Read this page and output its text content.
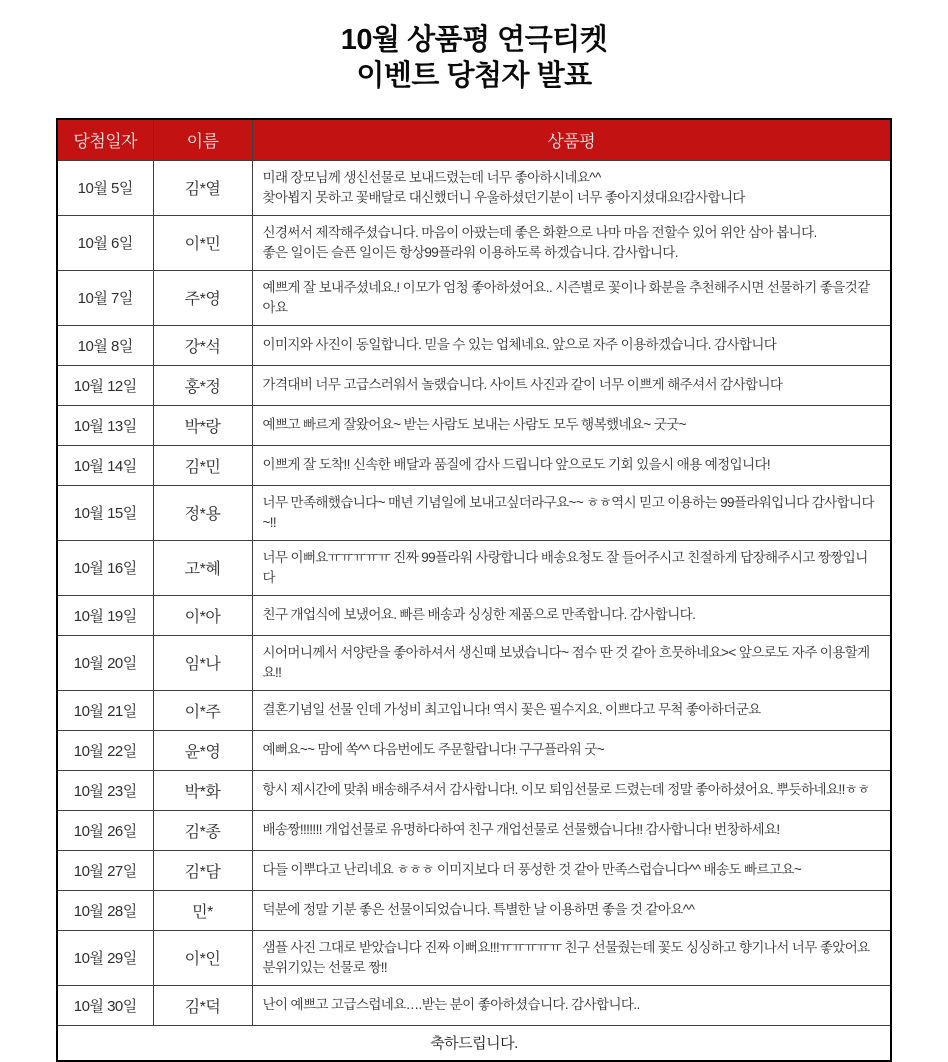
10월 상품평 연극티켓
이벤트 당첨자 발표
당첨일자	이름	상품평
10월 5일	김*열	미래 장모님께 생신선물로 보내드렸는데 너무 좋아하시네요^^
찾아뵙지 못하고 꽃배달로 대신했더니 우울하셨던기분이 너무 좋아지셨대요!감사합니다

10월 6일	이*민	신경써서 제작해주셨습니다. 마음이 아팠는데 좋은 화환으로 나마 마음 전할수 있어 위안 삼아 봅니다.
좋은 일이든 슬픈 일이든 항상99플라워 이용하도록 하겠습니다. 감사합니다.

10월 7일	주*영	예쁘게 잘 보내주셨네요.! 이모가 엄청 좋아하셨어요.. 시즌별로 꽃이나 화분을 추천해주시면 선물하기 좋을것같아요

10월 8일	강*석	이미지와 사진이 동일합니다. 믿을 수 있는 업체네요. 앞으로 자주 이용하겠습니다. 감사합니다

10월 12일	홍*정	가격대비 너무 고급스러워서 놀랬습니다. 사이트 사진과 같이 너무 이쁘게 해주셔서 감사합니다

10월 13일	박*랑	예쁘고 빠르게 잘왔어요~ 받는 사람도 보내는 사람도 모두 행복했네요~ 굿굿~

10월 14일	김*민	이쁘게 잘 도착!! 신속한 배달과 품질에 감사 드립니다 앞으로도 기회 있을시 애용 예정입니다!

10월 15일	정*용	너무 만족해했습니다~ 매년 기념일에 보내고싶더라구요~~ ㅎㅎ역시 믿고 이용하는 99플라워입니다 감사합니다~!!

10월 16일	고*혜	너무 이뻐요ㅠㅠㅠㅠㅠ 진짜 99플라워 사랑합니다 배송요청도 잘 들어주시고 친절하게 답장해주시고 짱짱입니다

10월 19일	이*아	친구 개업식에 보냈어요. 빠른 배송과 싱싱한 제품으로 만족합니다. 감사합니다.

10월 20일	임*나	시어머니께서 서양란을 좋아하셔서 생신때 보냈습니다~ 점수 딴 것 같아 흐뭇하네요>< 앞으로도 자주 이용할게요!!

10월 21일	이*주	결혼기념일 선물 인데 가성비 최고입니다! 역시 꽃은 필수지요. 이쁘다고 무척 좋아하더군요

10월 22일	윤*영	예뻐요~~ 맘에 쏙^^ 다음번에도 주문할랍니다! 구구플라워 굿~

10월 23일	박*화	항시 제시간에 맞춰 배송해주셔서 감사합니다!. 이모 퇴임선물로 드렸는데 정말 좋아하셨어요. 뿌듯하네요!!ㅎㅎ

10월 26일	김*종	배송짱!!!!!!! 개업선물로 유명하다하여 친구 개업선물로 선물했습니다!! 감사합니다! 번창하세요!

10월 27일	김*담	다들 이뿌다고 난리네요 ㅎㅎㅎ 이미지보다 더 풍성한 것 같아 만족스럽습니다^^ 배송도 빠르고요~

10월 28일	민*	덕분에 정말 기분 좋은 선물이되었습니다. 특별한 날 이용하면 좋을 것 같아요^^

10월 29일	이*인	샘플 사진 그대로 받았습니다 진짜 이뻐요!!!ㅠㅠㅠㅠㅠ 친구 선물줬는데 꽃도 싱싱하고 향기나서 너무 좋았어요
분위기있는 선물로 짱!!

10월 30일	김*덕	난이 예쁘고 고급스럽네요….받는 분이 좋아하셨습니다. 감사합니다..

축하드립니다.		
